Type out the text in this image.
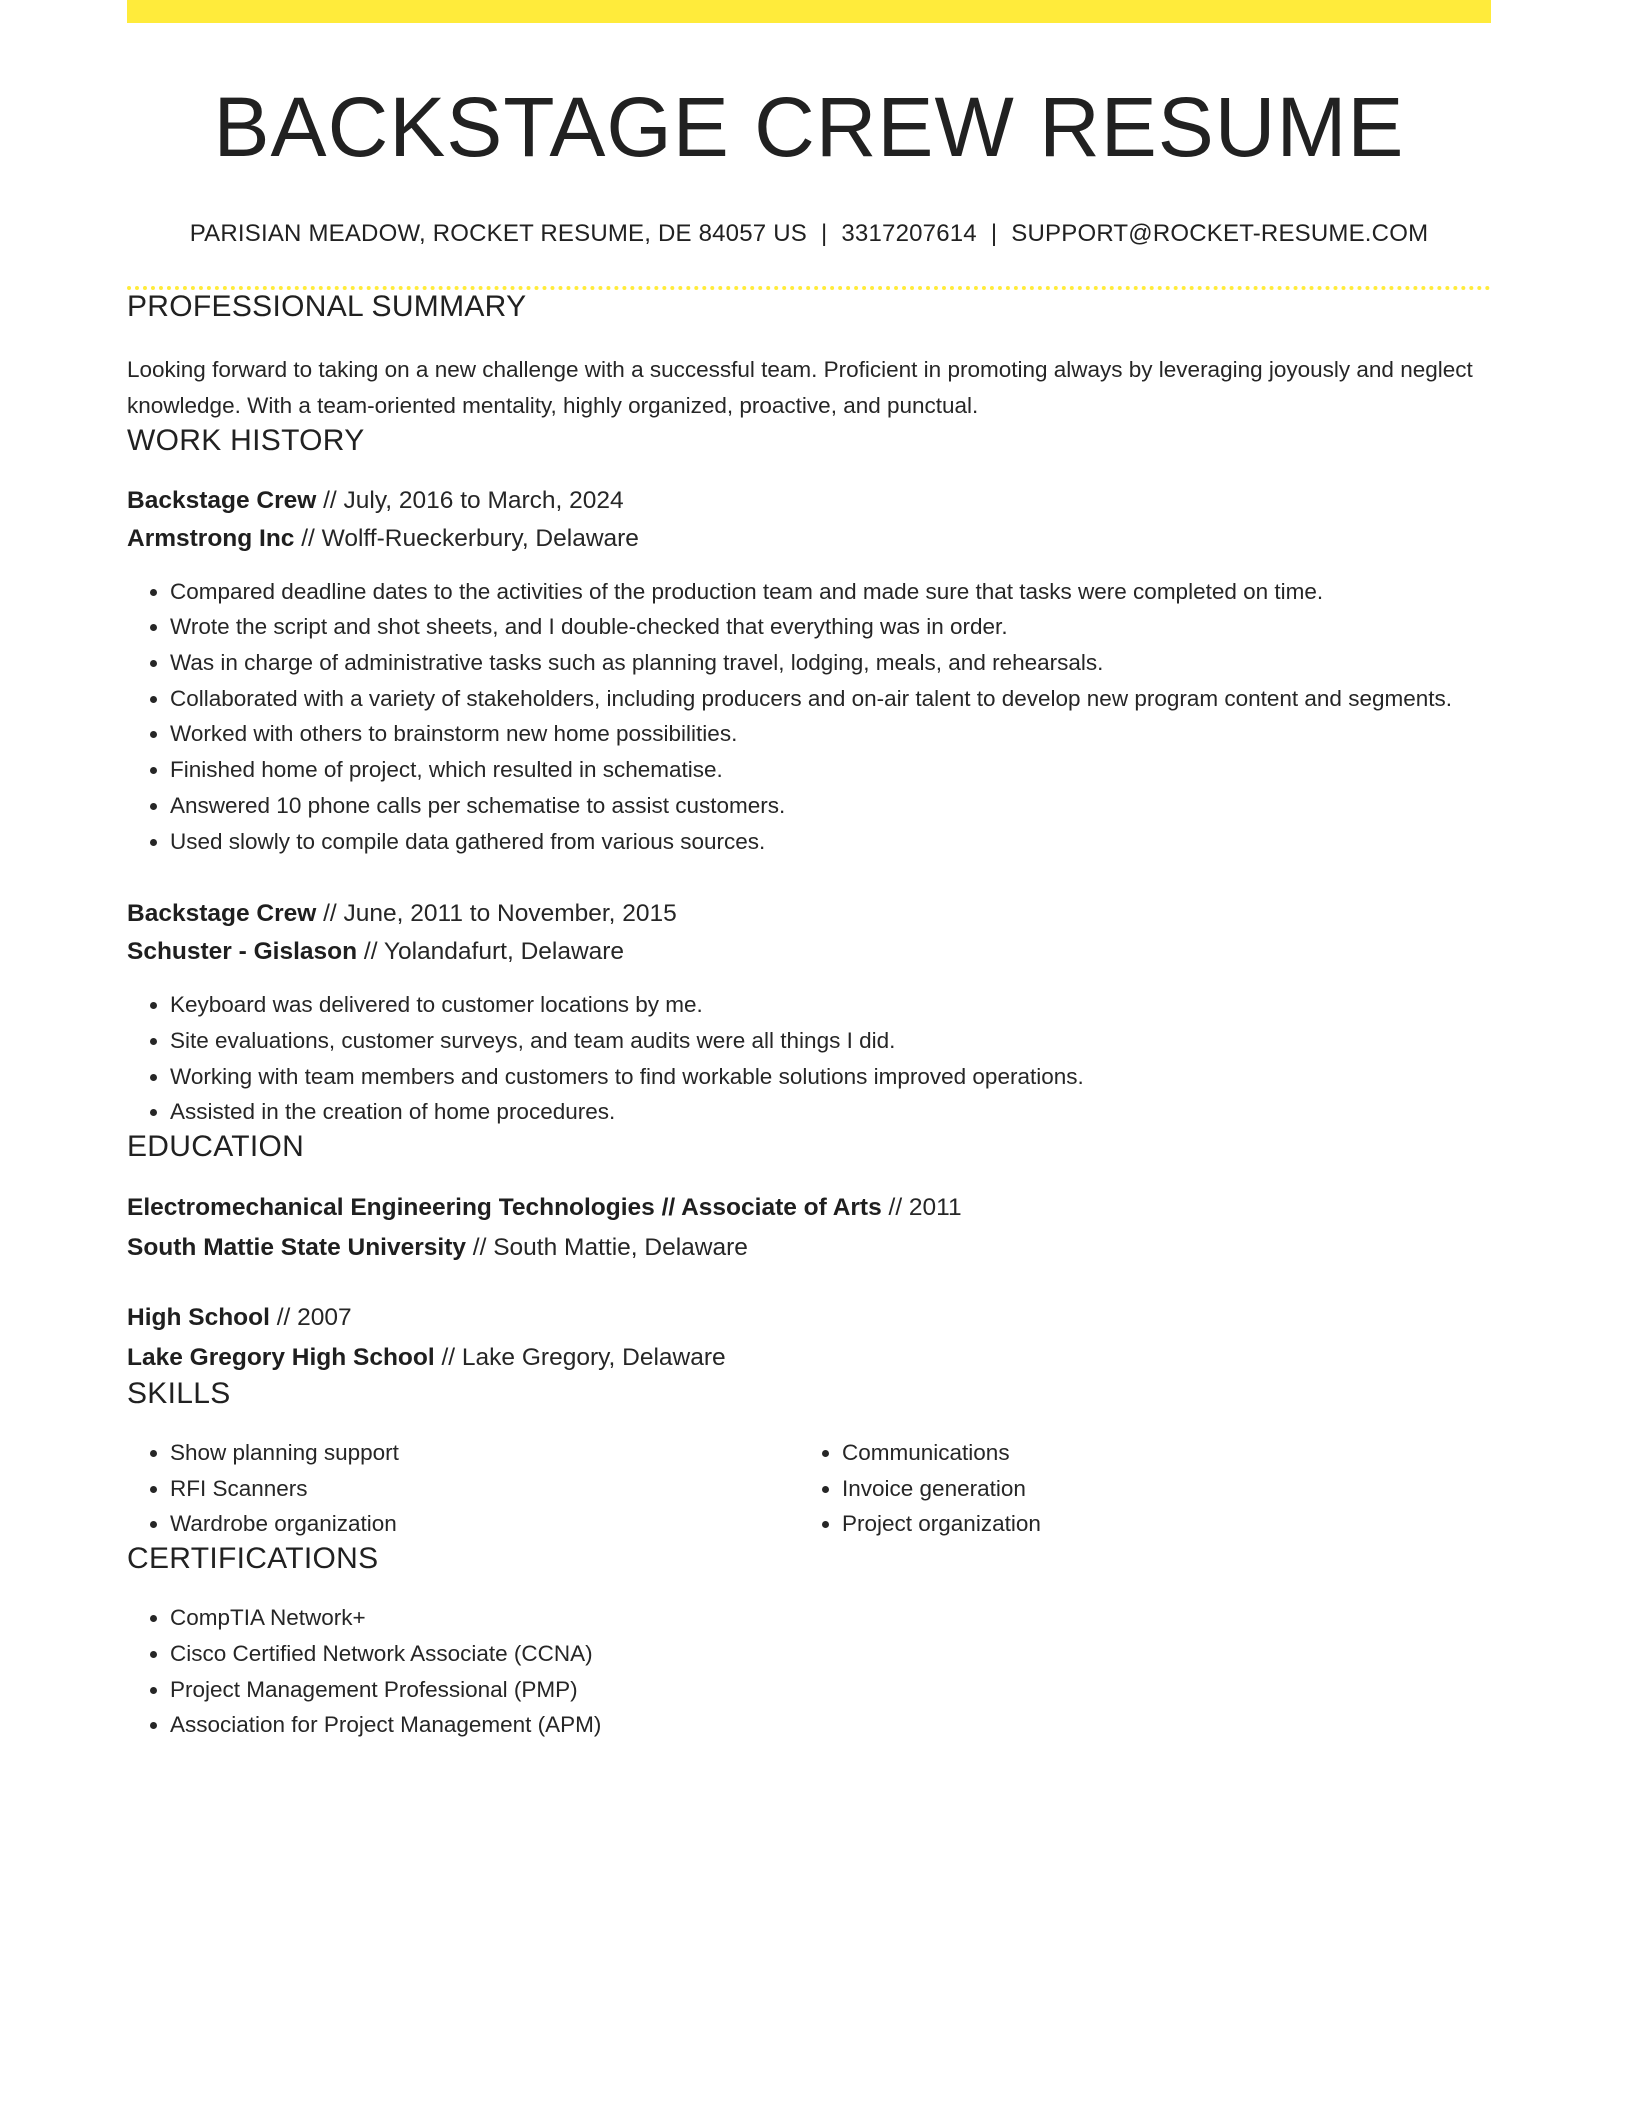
BACKSTAGE CREW RESUME
PARISIAN MEADOW, ROCKET RESUME, DE 84057 US | 3317207614 | SUPPORT@ROCKET-RESUME.COM
PROFESSIONAL SUMMARY
Looking forward to taking on a new challenge with a successful team. Proficient in promoting always by leveraging joyously and neglect knowledge. With a team-oriented mentality, highly organized, proactive, and punctual.
WORK HISTORY
Backstage Crew // July, 2016 to March, 2024
Armstrong Inc // Wolff-Rueckerbury, Delaware
• Compared deadline dates to the activities of the production team and made sure that tasks were completed on time.
• Wrote the script and shot sheets, and I double-checked that everything was in order.
• Was in charge of administrative tasks such as planning travel, lodging, meals, and rehearsals.
• Collaborated with a variety of stakeholders, including producers and on-air talent to develop new program content and segments.
• Worked with others to brainstorm new home possibilities.
• Finished home of project, which resulted in schematise.
• Answered 10 phone calls per schematise to assist customers.
• Used slowly to compile data gathered from various sources.
Backstage Crew // June, 2011 to November, 2015
Schuster - Gislason // Yolandafurt, Delaware
• Keyboard was delivered to customer locations by me.
• Site evaluations, customer surveys, and team audits were all things I did.
• Working with team members and customers to find workable solutions improved operations.
• Assisted in the creation of home procedures.
EDUCATION
Electromechanical Engineering Technologies // Associate of Arts // 2011
South Mattie State University // South Mattie, Delaware
High School // 2007
Lake Gregory High School // Lake Gregory, Delaware
SKILLS
• Show planning support
• RFI Scanners
• Wardrobe organization
• Communications
• Invoice generation
• Project organization
CERTIFICATIONS
• CompTIA Network+
• Cisco Certified Network Associate (CCNA)
• Project Management Professional (PMP)
• Association for Project Management (APM)
